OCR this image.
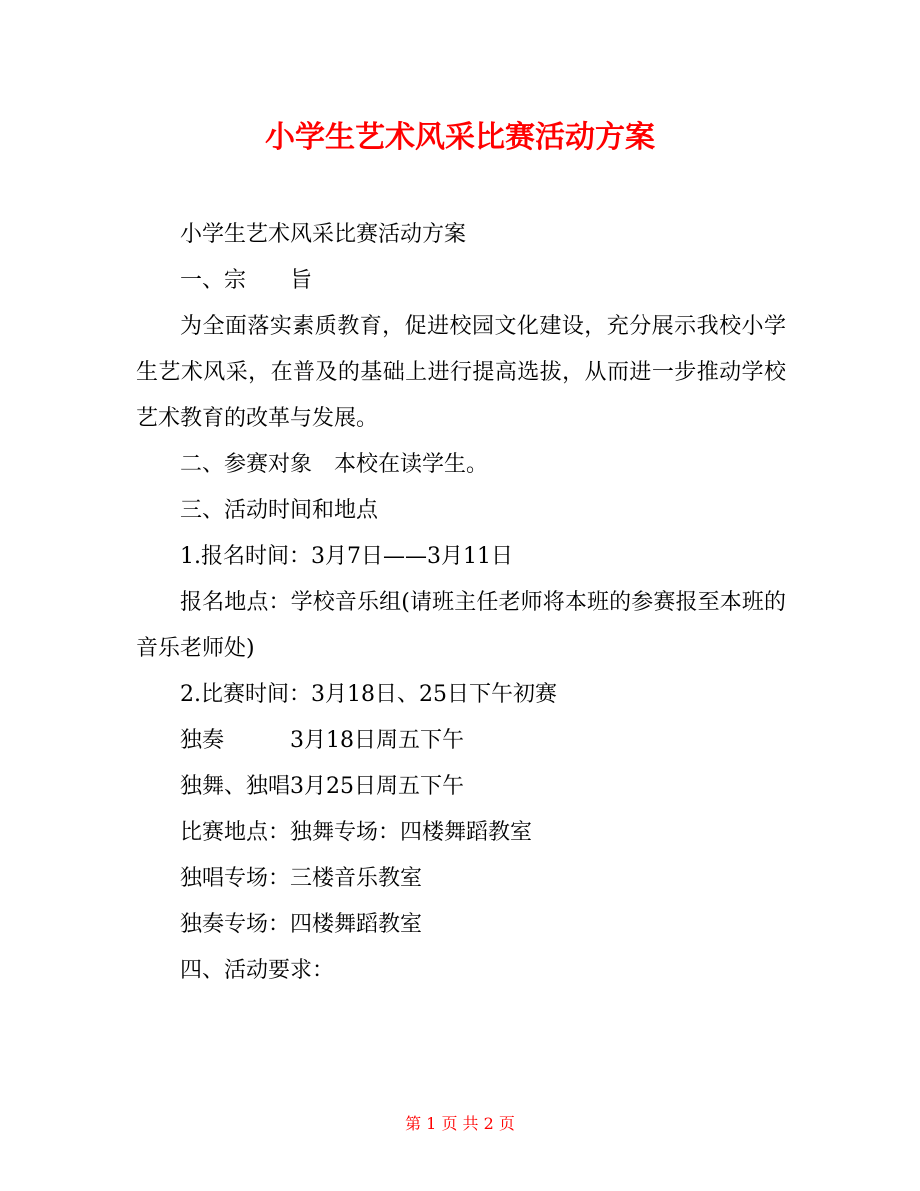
小学生艺术风采比赛活动方案

小学生艺术风采比赛活动方案

一、宗　　旨

为全面落实素质教育，促进校园文化建设，充分展示我校小学生艺术风采，在普及的基础上进行提高选拔，从而进一步推动学校艺术教育的改革与发展。

二、参赛对象　本校在读学生。

三、活动时间和地点

1.报名时间：3月7日——3月11日

报名地点：学校音乐组(请班主任老师将本班的参赛报至本班的音乐老师处)

2.比赛时间：3月18日、25日下午初赛

独奏　　　3月18日周五下午

独舞、独唱3月25日周五下午

比赛地点：独舞专场：四楼舞蹈教室

独唱专场：三楼音乐教室

独奏专场：四楼舞蹈教室

四、活动要求：

第 1 页 共 2 页
